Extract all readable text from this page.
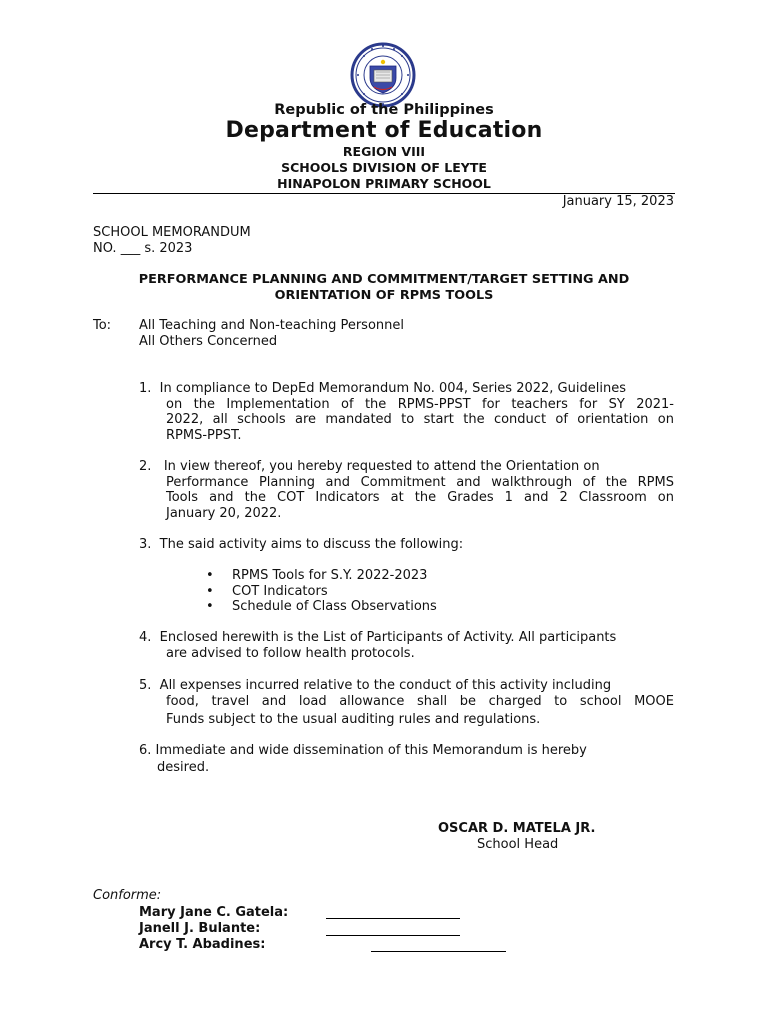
Republic of the Philippines
Department of Education
REGION VIII
SCHOOLS DIVISION OF LEYTE
HINAPOLON PRIMARY SCHOOL
January 15, 2023
SCHOOL MEMORANDUM
NO. ___ s. 2023
PERFORMANCE PLANNING AND COMMITMENT/TARGET SETTING AND
ORIENTATION OF RPMS TOOLS
To: All Teaching and Non-teaching Personnel
All Others Concerned
1. In compliance to DepEd Memorandum No. 004, Series 2022, Guidelines
on the Implementation of the RPMS-PPST for teachers for SY 2021-
2022, all schools are mandated to start the conduct of orientation on
RPMS-PPST.
2. In view thereof, you hereby requested to attend the Orientation on
Performance Planning and Commitment and walkthrough of the RPMS
Tools and the COT Indicators at the Grades 1 and 2 Classroom on
January 20, 2022.
3. The said activity aims to discuss the following:
• RPMS Tools for S.Y. 2022-2023
• COT Indicators
• Schedule of Class Observations
4. Enclosed herewith is the List of Participants of Activity. All participants
are advised to follow health protocols.
5. All expenses incurred relative to the conduct of this activity including
food, travel and load allowance shall be charged to school MOOE
Funds subject to the usual auditing rules and regulations.
6. Immediate and wide dissemination of this Memorandum is hereby
desired.
OSCAR D. MATELA JR.
School Head
Conforme:
Mary Jane C. Gatela:
Janell J. Bulante:
Arcy T. Abadines:
